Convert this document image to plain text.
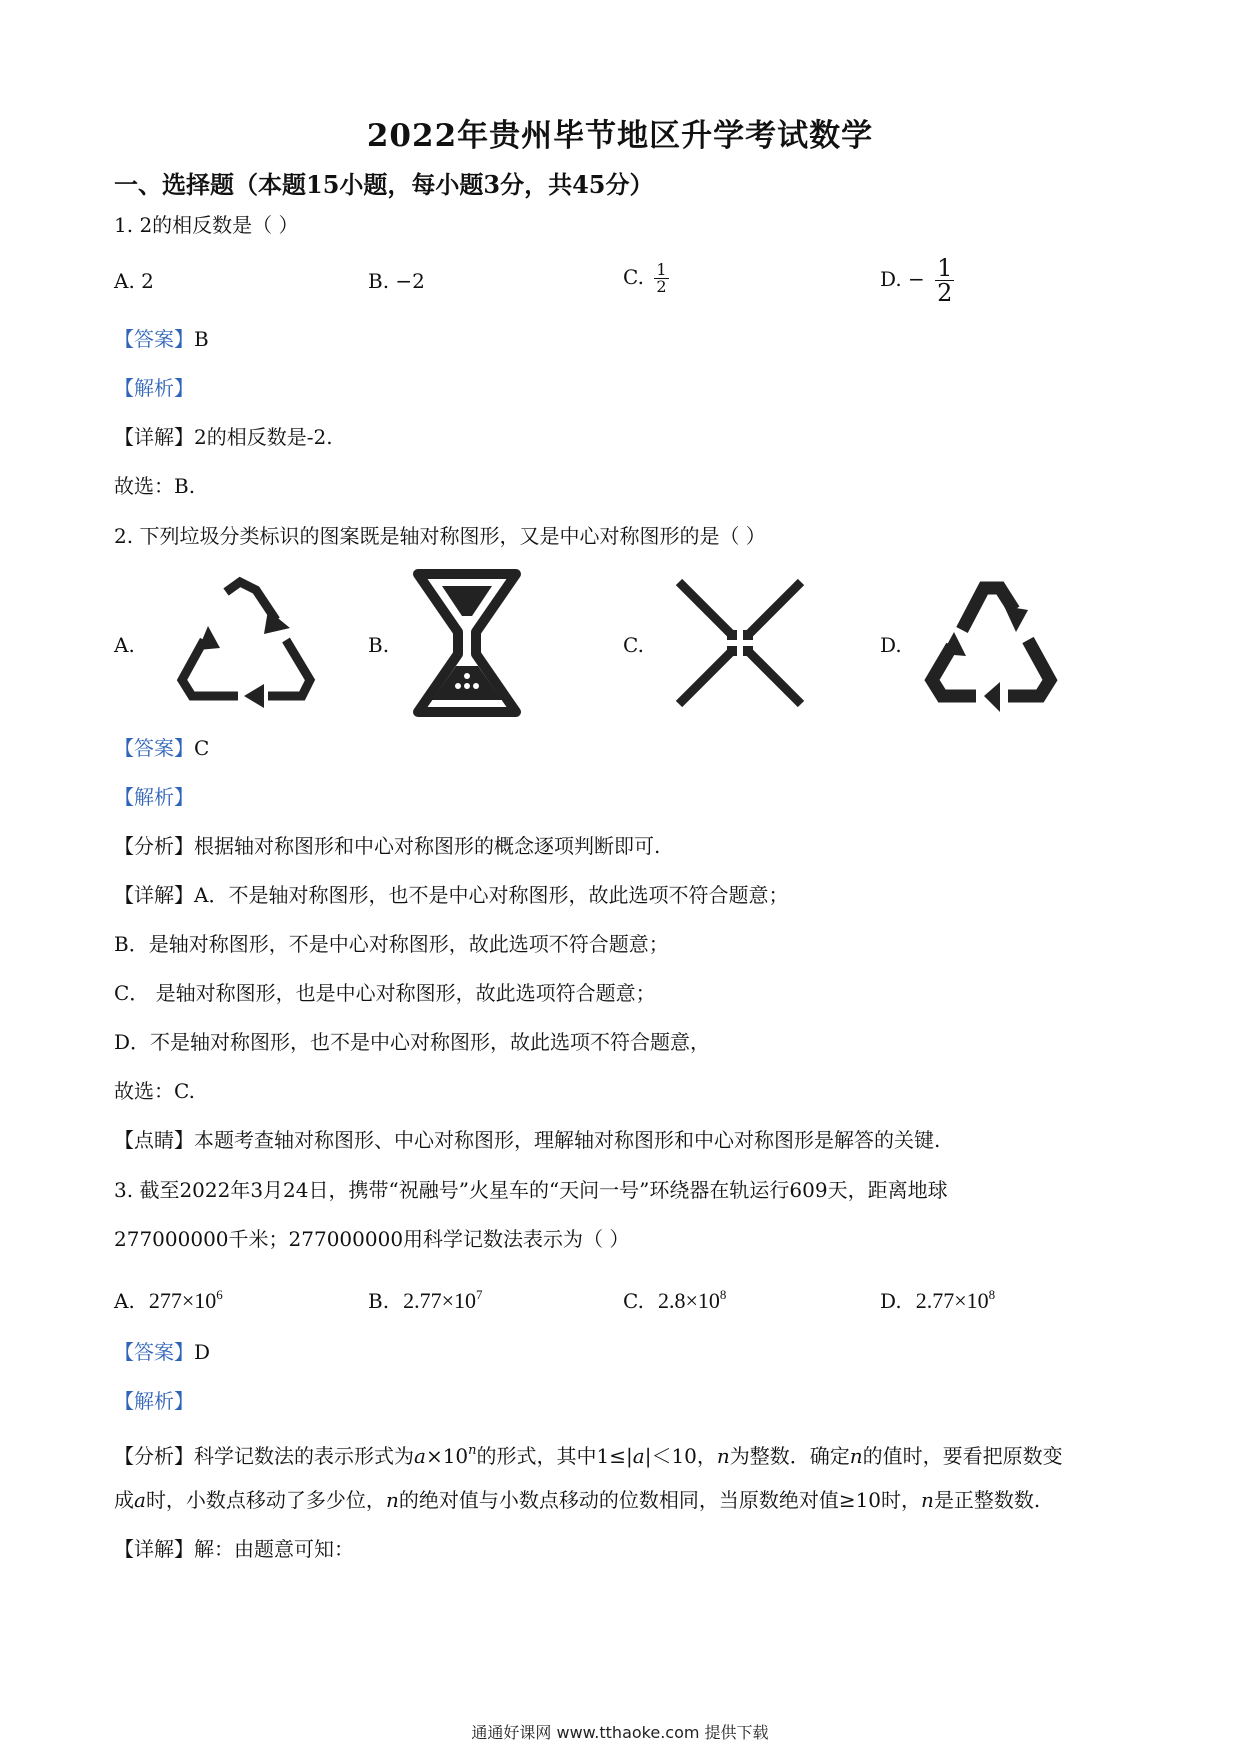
2022年贵州毕节地区升学考试数学
一、选择题（本题15小题，每小题3分，共45分）
1. 2的相反数是（ ）
A. 2	B. −2	C. $\frac{1}{2}$	D. − $\frac{1}{2}$
【答案】B
【解析】
【详解】2的相反数是-2.
故选：B.
2. 下列垃圾分类标识的图案既是轴对称图形，又是中心对称图形的是（ ）
A.	B.	C.	D.
【答案】C
【解析】
【分析】根据轴对称图形和中心对称图形的概念逐项判断即可.
【详解】A．不是轴对称图形，也不是中心对称图形，故此选项不符合题意；
B．是轴对称图形，不是中心对称图形，故此选项不符合题意；
C． 是轴对称图形，也是中心对称图形，故此选项符合题意；
D．不是轴对称图形，也不是中心对称图形，故此选项不符合题意，
故选：C.
【点睛】本题考查轴对称图形、中心对称图形，理解轴对称图形和中心对称图形是解答的关键.
3. 截至2022年3月24日，携带“祝融号”火星车的“天问一号”环绕器在轨运行609天，距离地球
277000000千米；277000000用科学记数法表示为（ ）
A. $277\times 10^6$	B. $2.77\times 10^7$	C. $2.8\times 10^8$	D. $2.77\times 10^8$
【答案】D
【解析】
【分析】科学记数法的表示形式为$a\times 10^n$的形式，其中1≤|a|＜10，n为整数．确定n的值时，要看把原数变
成a时，小数点移动了多少位，n的绝对值与小数点移动的位数相同，当原数绝对值≥10时，n是正整数数.
【详解】解：由题意可知：
通通好课网 www.tthaoke.com 提供下载
